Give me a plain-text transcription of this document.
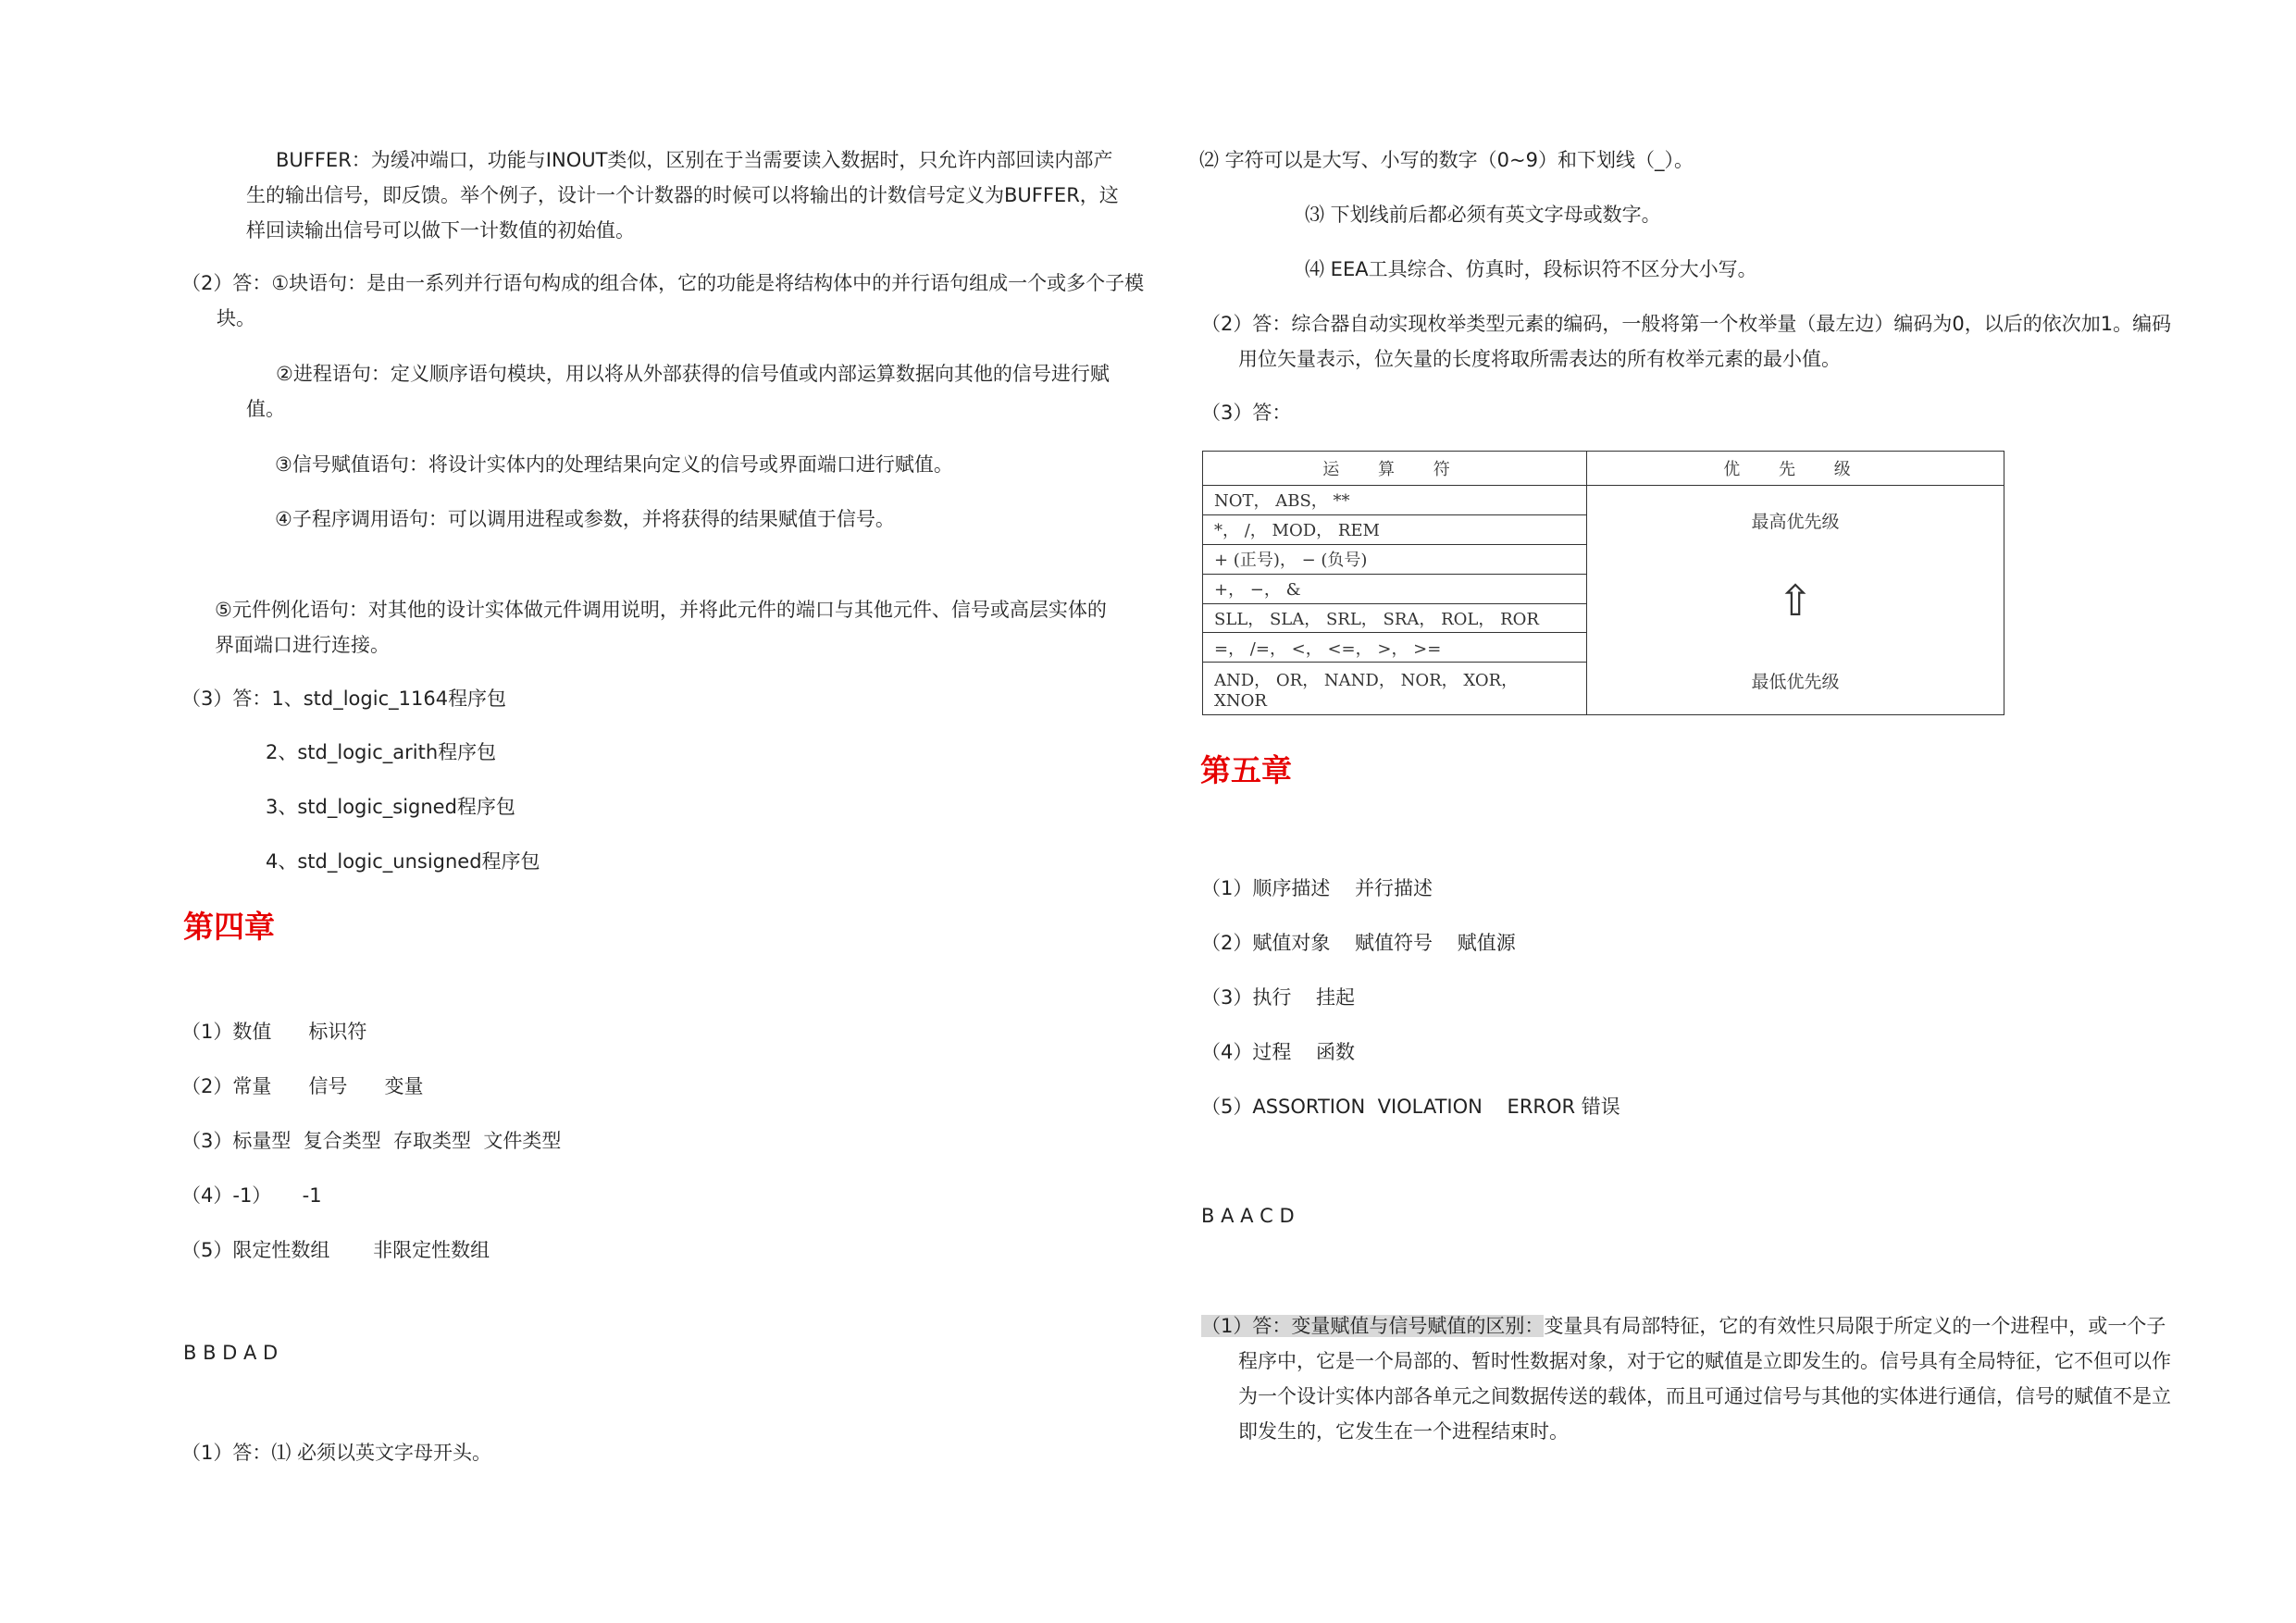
BUFFER：为缓冲端口，功能与INOUT类似，区别在于当需要读入数据时，只允许内部回读内部产生的输出信号，即反馈。举个例子，设计一个计数器的时候可以将输出的计数信号定义为BUFFER，这样回读输出信号可以做下一计数值的初始值。
（2）答：①块语句：是由一系列并行语句构成的组合体，它的功能是将结构体中的并行语句组成一个或多个子模块。
②进程语句：定义顺序语句模块，用以将从外部获得的信号值或内部运算数据向其他的信号进行赋值。
③信号赋值语句：将设计实体内的处理结果向定义的信号或界面端口进行赋值。
④子程序调用语句：可以调用进程或参数，并将获得的结果赋值于信号。
⑤元件例化语句：对其他的设计实体做元件调用说明，并将此元件的端口与其他元件、信号或高层实体的界面端口进行连接。
（3）答：1、std_logic_1164程序包
2、std_logic_arith程序包
3、std_logic_signed程序包
4、std_logic_unsigned程序包
第四章
（1）数值      标识符
（2）常量      信号      变量
（3）标量型  复合类型  存取类型  文件类型
（4）-1）     -1
（5）限定性数组       非限定性数组
B B D A D
（1）答：⑴ 必须以英文字母开头。
⑵ 字符可以是大写、小写的数字（0~9）和下划线（_）。
⑶ 下划线前后都必须有英文字母或数字。
⑷ EEA工具综合、仿真时，段标识符不区分大小写。
（2）答：综合器自动实现枚举类型元素的编码，一般将第一个枚举量（最左边）编码为0，以后的依次加1。编码用位矢量表示，位矢量的长度将取所需表达的所有枚举元素的最小值。
（3）答：
运 算 符	优 先 级
NOT， ABS， **	最高优先级
⇧
最低优先级

*， /， MOD， REM	
+ (正号)， − (负号)	
+， −， &	
SLL， SLA， SRL， SRA， ROL， ROR	
=， /=， <， <=， >， >=	
AND， OR， NAND， NOR， XOR， XNOR	
第五章
（1）顺序描述    并行描述
（2）赋值对象    赋值符号    赋值源
（3）执行    挂起
（4）过程    函数
（5）ASSORTION  VIOLATION    ERROR 错误
B A A C D
（1）答：变量赋值与信号赋值的区别：变量具有局部特征，它的有效性只局限于所定义的一个进程中，或一个子程序中，它是一个局部的、暂时性数据对象，对于它的赋值是立即发生的。信号具有全局特征，它不但可以作为一个设计实体内部各单元之间数据传送的载体，而且可通过信号与其他的实体进行通信，信号的赋值不是立即发生的，它发生在一个进程结束时。
